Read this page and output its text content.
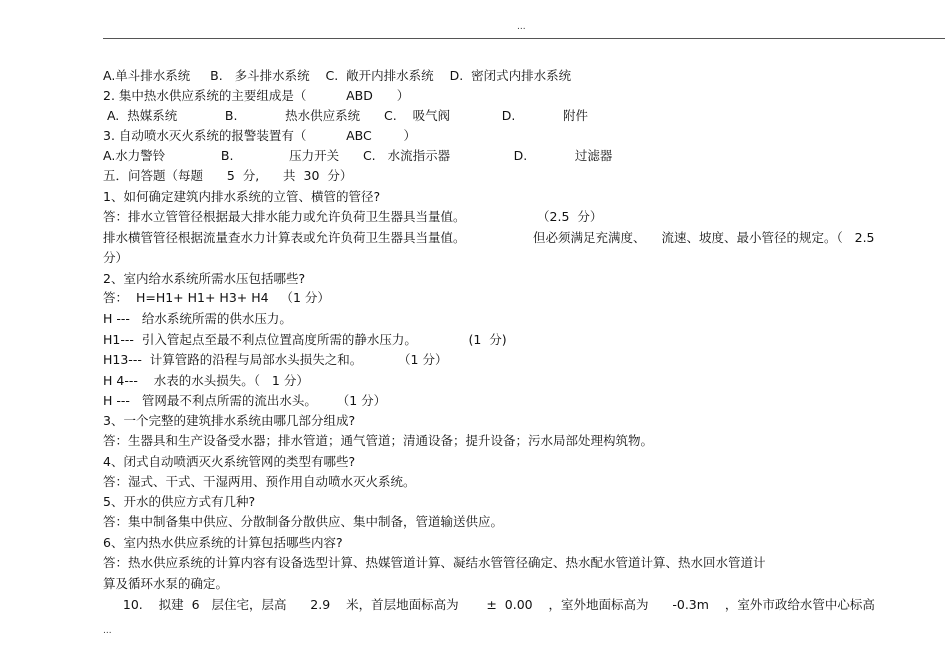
...
A.单斗排水系统     B.   多斗排水系统    C.  敞开内排水系统    D.  密闭式内排水系统
2. 集中热水供应系统的主要组成是（          ABD      ）
A.  热媒系统            B.            热水供应系统      C.    吸气阀             D.            附件
3. 自动喷水灭火系统的报警装置有（          ABC        ）
A.水力警铃              B.              压力开关      C.   水流指示器                D.            过滤器
五．问答题（每题      5  分,      共  30  分）
1、如何确定建筑内排水系统的立管、横管的管径?
答：排水立管管径根据最大排水能力或允许负荷卫生器具当量值。                  （2.5  分）
排水横管管径根据流量查水力计算表或允许负荷卫生器具当量值。                 但必须满足充满度、    流速、坡度、最小管径的规定。（   2.5
分）
2、室内给水系统所需水压包括哪些?
答：  H=H1+ H1+ H3+ H4   （1 分）
H ---   给水系统所需的供水压力。
H1---  引入管起点至最不利点位置高度所需的静水压力。             (1  分)
H13---  计算管路的沿程与局部水头损失之和。         （1 分）
H 4---    水表的水头损失。（   1 分）
H ---   管网最不利点所需的流出水头。     （1 分）
3、一个完整的建筑排水系统由哪几部分组成?
答：生器具和生产设备受水器；排水管道；通气管道；清通设备；提升设备；污水局部处理构筑物。
4、闭式自动喷洒灭火系统管网的类型有哪些?
答：湿式、干式、干湿两用、预作用自动喷水灭火系统。
5、开水的供应方式有几种?
答：集中制备集中供应、分散制备分散供应、集中制备，管道输送供应。
6、室内热水供应系统的计算包括哪些内容?
答：热水供应系统的计算内容有设备选型计算、热媒管道计算、凝结水管管径确定、热水配水管道计算、热水回水管道计
算及循环水泵的确定。
10.    拟建  6   层住宅，层高      2.9    米，首层地面标高为       ±  0.00    ，室外地面标高为      -0.3m    ，室外市政给水管中心标高
...
